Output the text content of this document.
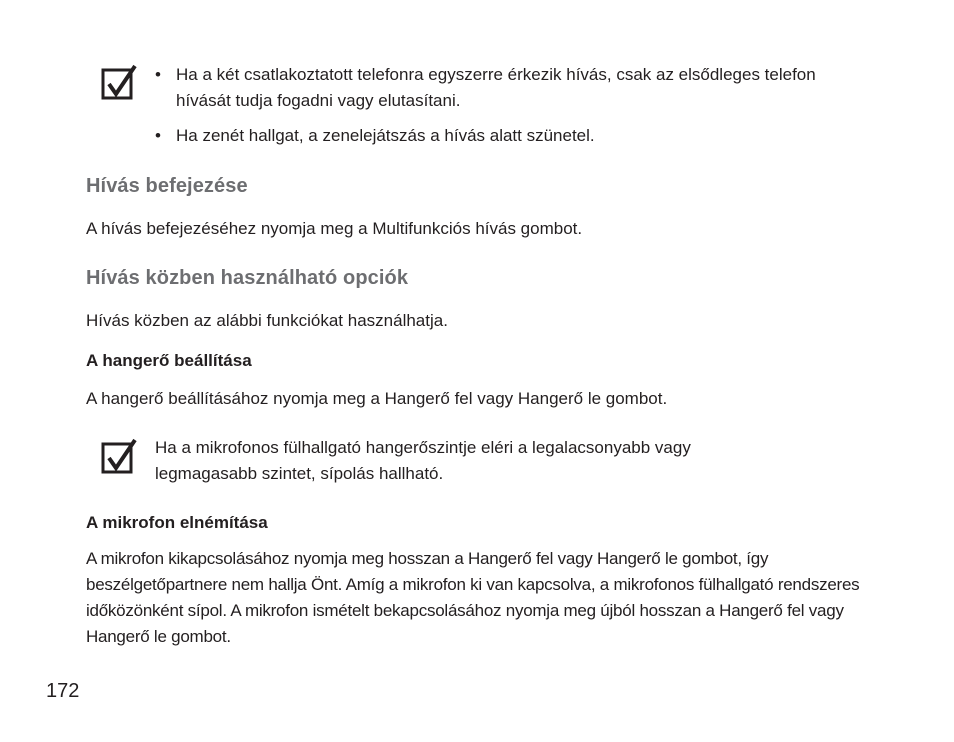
• Ha a két csatlakoztatott telefonra egyszerre érkezik hívás, csak az elsődleges telefon hívását tudja fogadni vagy elutasítani.
• Ha zenét hallgat, a zenelejátszás a hívás alatt szünetel.
Hívás befejezése
A hívás befejezéséhez nyomja meg a Multifunkciós hívás gombot.
Hívás közben használható opciók
Hívás közben az alábbi funkciókat használhatja.
A hangerő beállítása
A hangerő beállításához nyomja meg a Hangerő fel vagy Hangerő le gombot.
Ha a mikrofonos fülhallgató hangerőszintje eléri a legalacsonyabb vagy legmagasabb szintet, sípolás hallható.
A mikrofon elnémítása
A mikrofon kikapcsolásához nyomja meg hosszan a Hangerő fel vagy Hangerő le gombot, így beszélgetőpartnere nem hallja Önt. Amíg a mikrofon ki van kapcsolva, a mikrofonos fülhallgató rendszeres időközönként sípol. A mikrofon ismételt bekapcsolásához nyomja meg újból hosszan a Hangerő fel vagy Hangerő le gombot.
172
